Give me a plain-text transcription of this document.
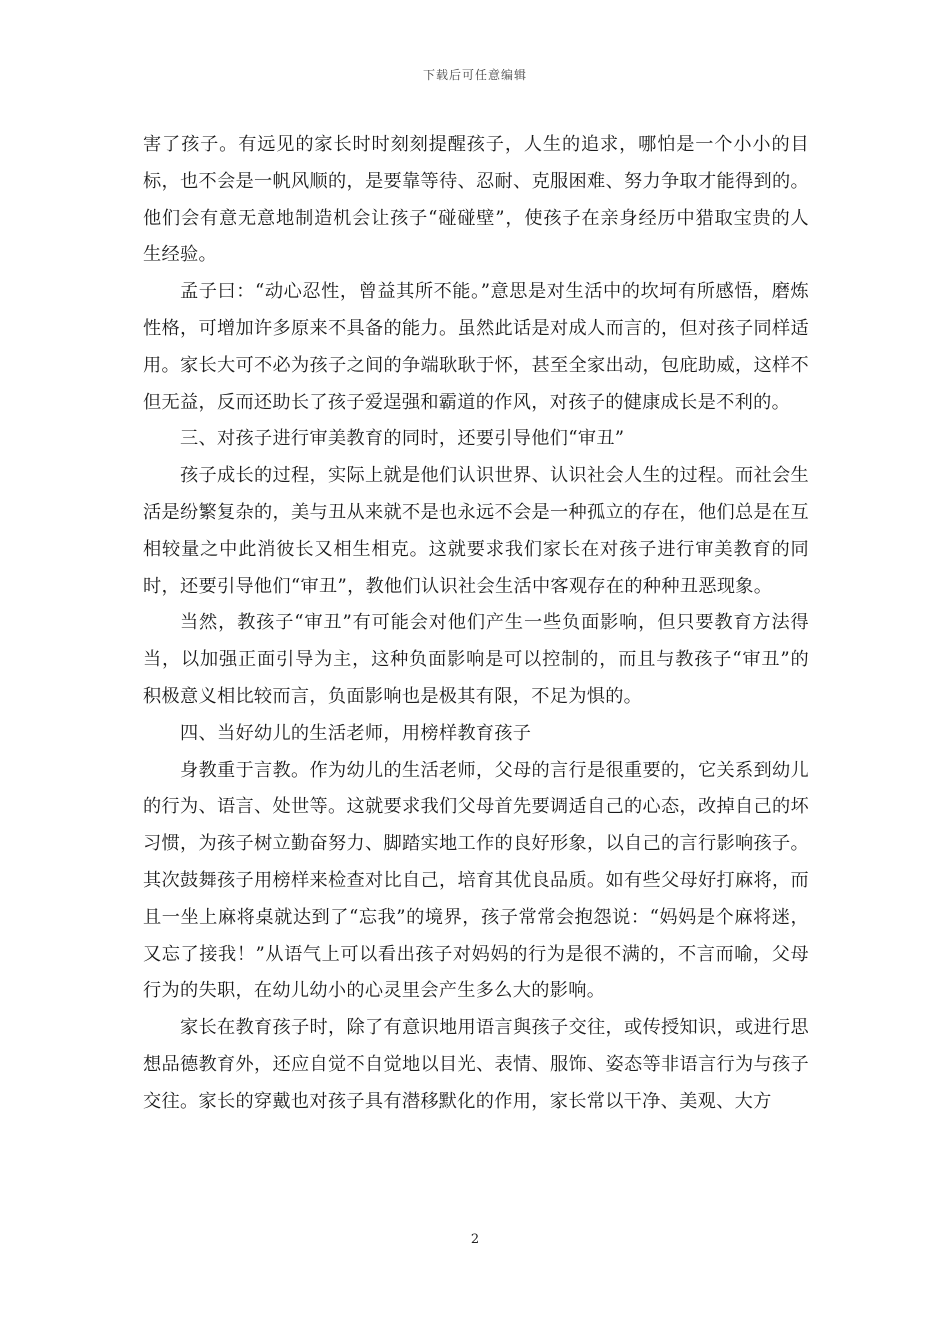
下载后可任意编辑

害了孩子。有远见的家长时时刻刻提醒孩子，人生的追求，哪怕是一个小小的目标，也不会是一帆风顺的，是要靠等待、忍耐、克服困难、努力争取才能得到的。他们会有意无意地制造机会让孩子“碰碰壁”，使孩子在亲身经历中猎取宝贵的人生经验。

孟子曰：“动心忍性，曾益其所不能。”意思是对生活中的坎坷有所感悟，磨炼性格，可增加许多原来不具备的能力。虽然此话是对成人而言的，但对孩子同样适用。家长大可不必为孩子之间的争端耿耿于怀，甚至全家出动，包庇助威，这样不但无益，反而还助长了孩子爱逞强和霸道的作风，对孩子的健康成长是不利的。

三、对孩子进行审美教育的同时，还要引导他们“审丑”

孩子成长的过程，实际上就是他们认识世界、认识社会人生的过程。而社会生活是纷繁复杂的，美与丑从来就不是也永远不会是一种孤立的存在，他们总是在互相较量之中此消彼长又相生相克。这就要求我们家长在对孩子进行审美教育的同时，还要引导他们“审丑”，教他们认识社会生活中客观存在的种种丑恶现象。

当然，教孩子“审丑”有可能会对他们产生一些负面影响，但只要教育方法得当，以加强正面引导为主，这种负面影响是可以控制的，而且与教孩子“审丑”的积极意义相比较而言，负面影响也是极其有限，不足为惧的。

四、当好幼儿的生活老师，用榜样教育孩子

身教重于言教。作为幼儿的生活老师，父母的言行是很重要的，它关系到幼儿的行为、语言、处世等。这就要求我们父母首先要调适自己的心态，改掉自己的坏习惯，为孩子树立勤奋努力、脚踏实地工作的良好形象，以自己的言行影响孩子。其次鼓舞孩子用榜样来检查对比自己，培育其优良品质。如有些父母好打麻将，而且一坐上麻将桌就达到了“忘我”的境界，孩子常常会抱怨说：“妈妈是个麻将迷，又忘了接我！”从语气上可以看出孩子对妈妈的行为是很不满的，不言而喻，父母行为的失职，在幼儿幼小的心灵里会产生多么大的影响。

家长在教育孩子时，除了有意识地用语言與孩子交往，或传授知识，或进行思想品德教育外，还应自觉不自觉地以目光、表情、服饰、姿态等非语言行为与孩子交往。家长的穿戴也对孩子具有潜移默化的作用，家长常以干净、美观、大方

2
